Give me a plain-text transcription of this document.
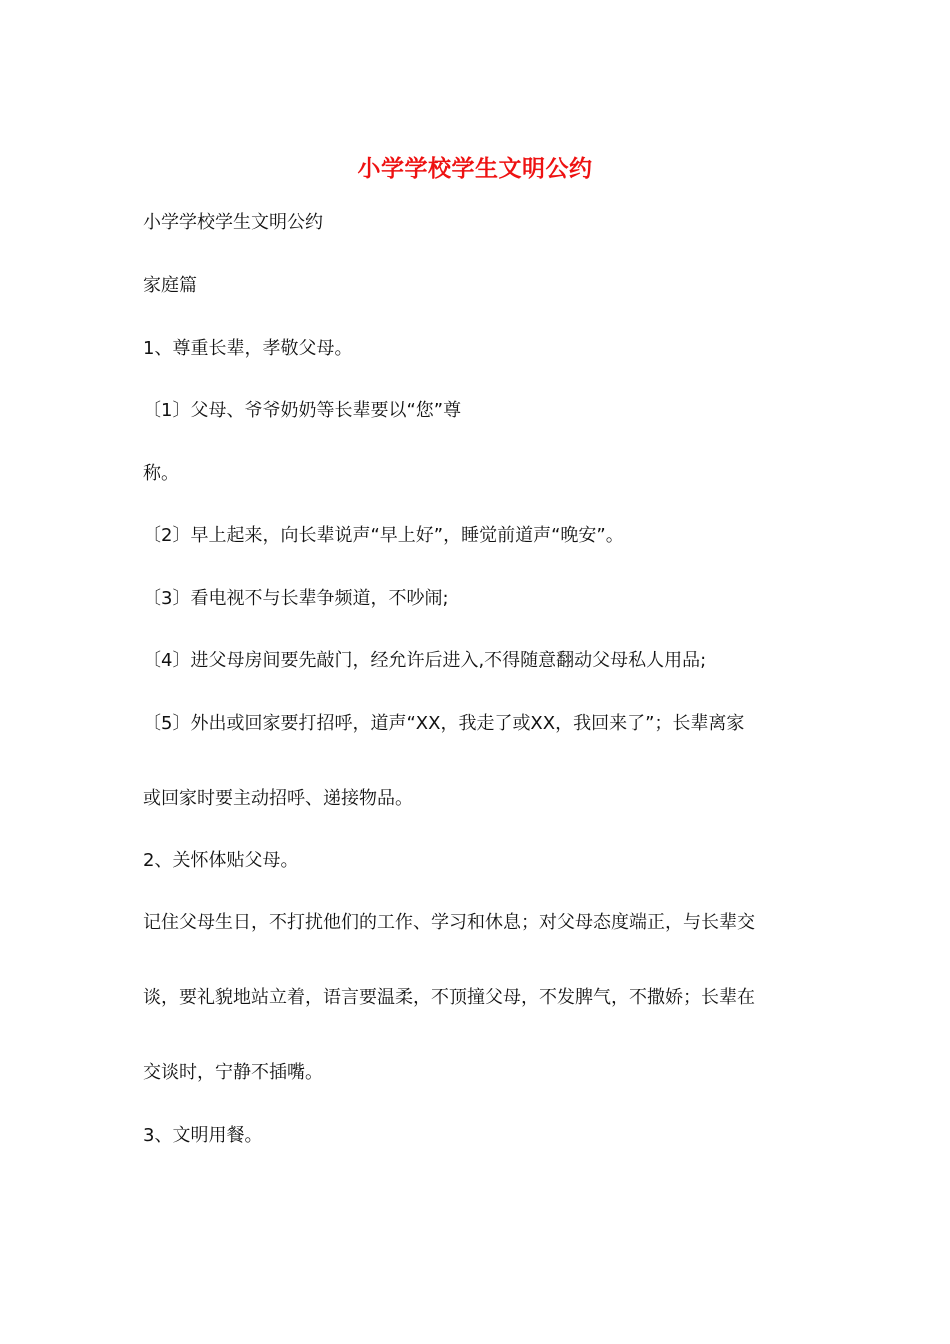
小学学校学生文明公约
小学学校学生文明公约
家庭篇
1、尊重长辈，孝敬父母。
〔1〕父母、爷爷奶奶等长辈要以“您”尊
称。
〔2〕早上起来，向长辈说声“早上好”，睡觉前道声“晚安”。
〔3〕看电视不与长辈争频道，不吵闹;
〔4〕进父母房间要先敲门，经允许后进入,不得随意翻动父母私人用品;
〔5〕外出或回家要打招呼，道声“XX，我走了或XX，我回来了”；长辈离家
或回家时要主动招呼、递接物品。
2、关怀体贴父母。
记住父母生日，不打扰他们的工作、学习和休息；对父母态度端正，与长辈交
谈，要礼貌地站立着，语言要温柔，不顶撞父母，不发脾气，不撒娇；长辈在
交谈时，宁静不插嘴。
3、文明用餐。
